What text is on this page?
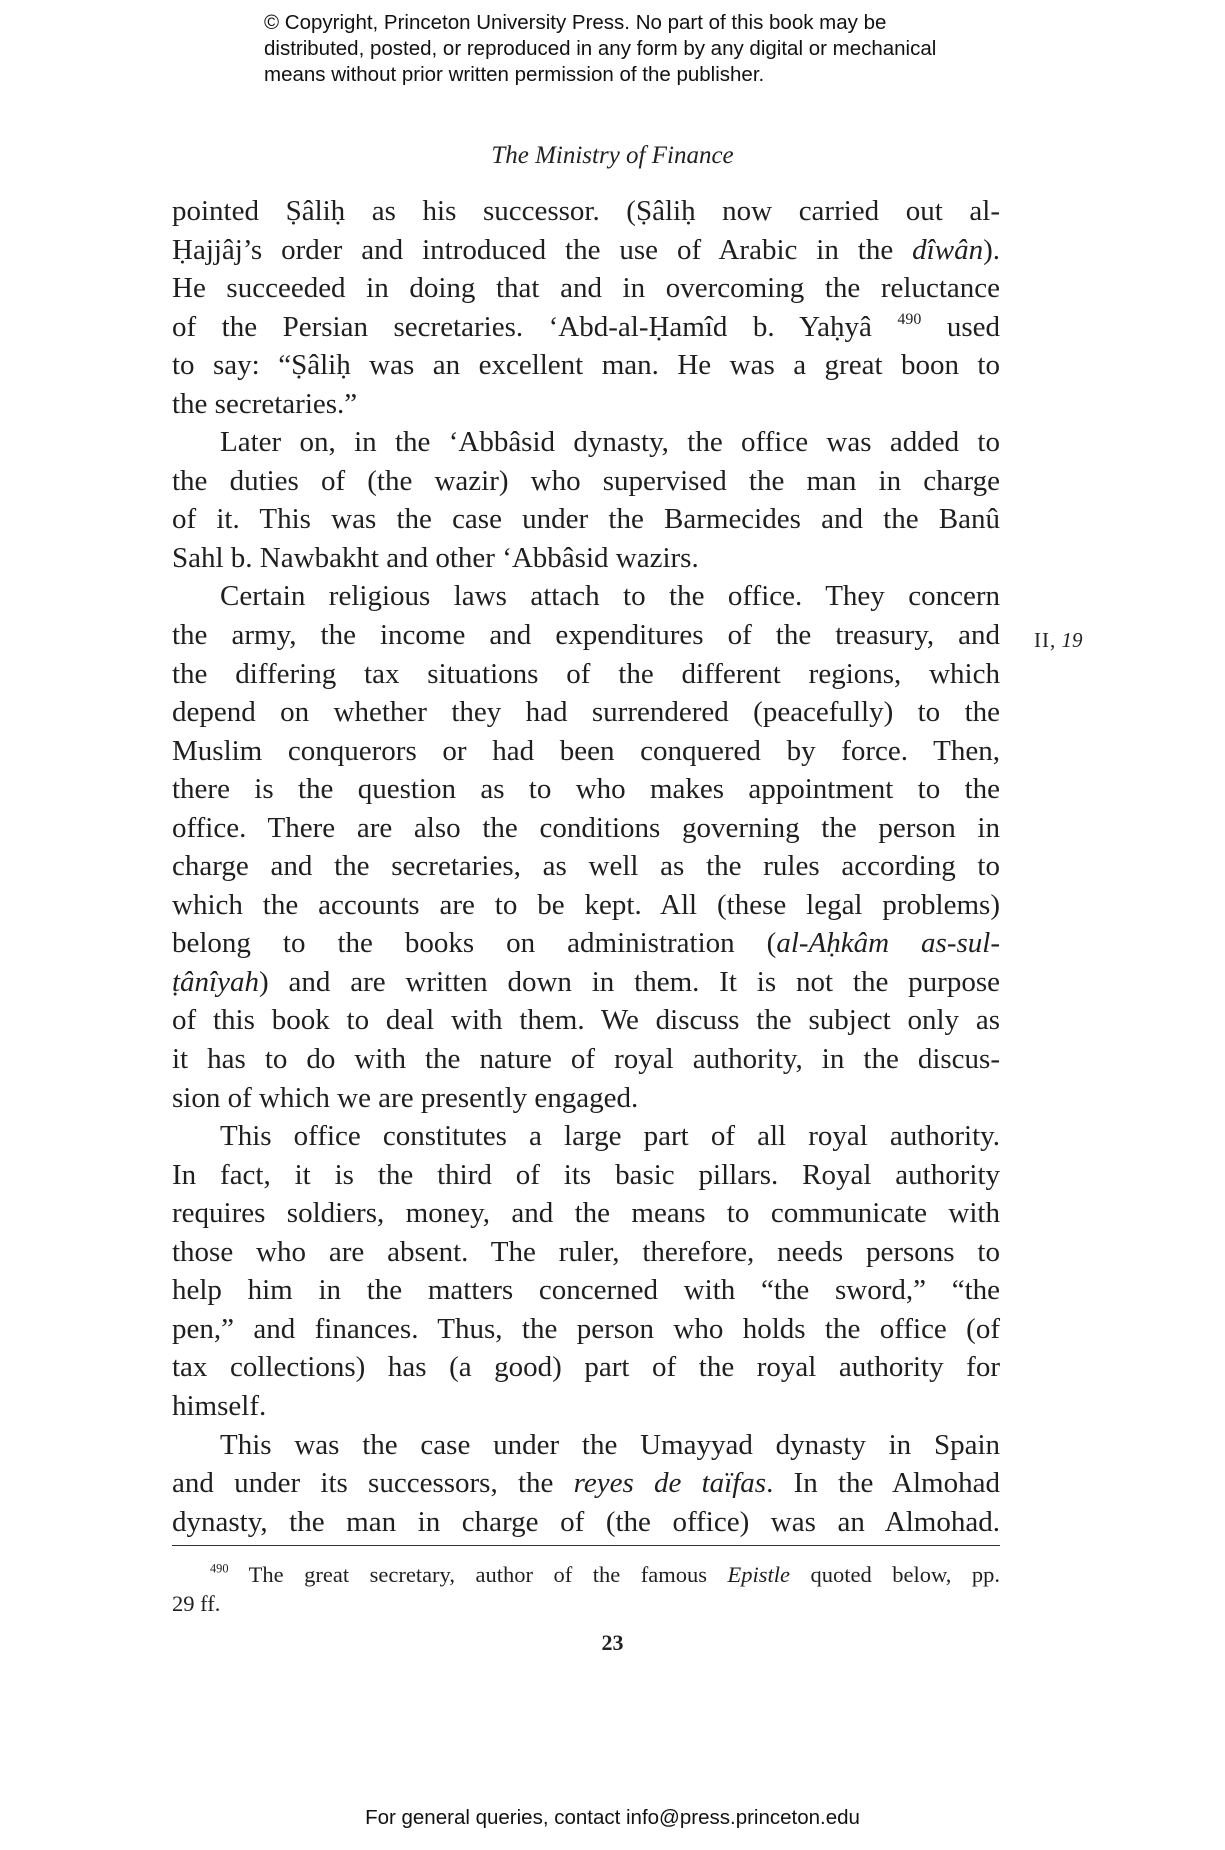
© Copyright, Princeton University Press. No part of this book may be
distributed, posted, or reproduced in any form by any digital or mechanical
means without prior written permission of the publisher.
The Ministry of Finance
pointed Ṣâliḥ as his successor. (Ṣâliḥ now carried out al-
Ḥajjâj’s order and introduced the use of Arabic in the dîwân).
He succeeded in doing that and in overcoming the reluctance
of the Persian secretaries. ‘Abd-al-Ḥamîd b. Yaḥyâ $^{490}$ used
to say: “Ṣâliḥ was an excellent man. He was a great boon to
the secretaries.”
Later on, in the ‘Abbâsid dynasty, the office was added to
the duties of (the wazir) who supervised the man in charge
of it. This was the case under the Barmecides and the Banû
Sahl b. Nawbakht and other ‘Abbâsid wazirs.
Certain religious laws attach to the office. They concern
the army, the income and expenditures of the treasury, and
the differing tax situations of the different regions, which
depend on whether they had surrendered (peacefully) to the
Muslim conquerors or had been conquered by force. Then,
there is the question as to who makes appointment to the
office. There are also the conditions governing the person in
charge and the secretaries, as well as the rules according to
which the accounts are to be kept. All (these legal problems)
belong to the books on administration (al-Aḥkâm as-sul-
ṭânîyah) and are written down in them. It is not the purpose
of this book to deal with them. We discuss the subject only as
it has to do with the nature of royal authority, in the discus-
sion of which we are presently engaged.
This office constitutes a large part of all royal authority.
In fact, it is the third of its basic pillars. Royal authority
requires soldiers, money, and the means to communicate with
those who are absent. The ruler, therefore, needs persons to
help him in the matters concerned with “the sword,” “the
pen,” and finances. Thus, the person who holds the office (of
tax collections) has (a good) part of the royal authority for
himself.
This was the case under the Umayyad dynasty in Spain
and under its successors, the reyes de taïfas. In the Almohad
dynasty, the man in charge of (the office) was an Almohad.
II, 19
$^{490}$ The great secretary, author of the famous Epistle quoted below, pp.
29 ff.
23
For general queries, contact info@press.princeton.edu
